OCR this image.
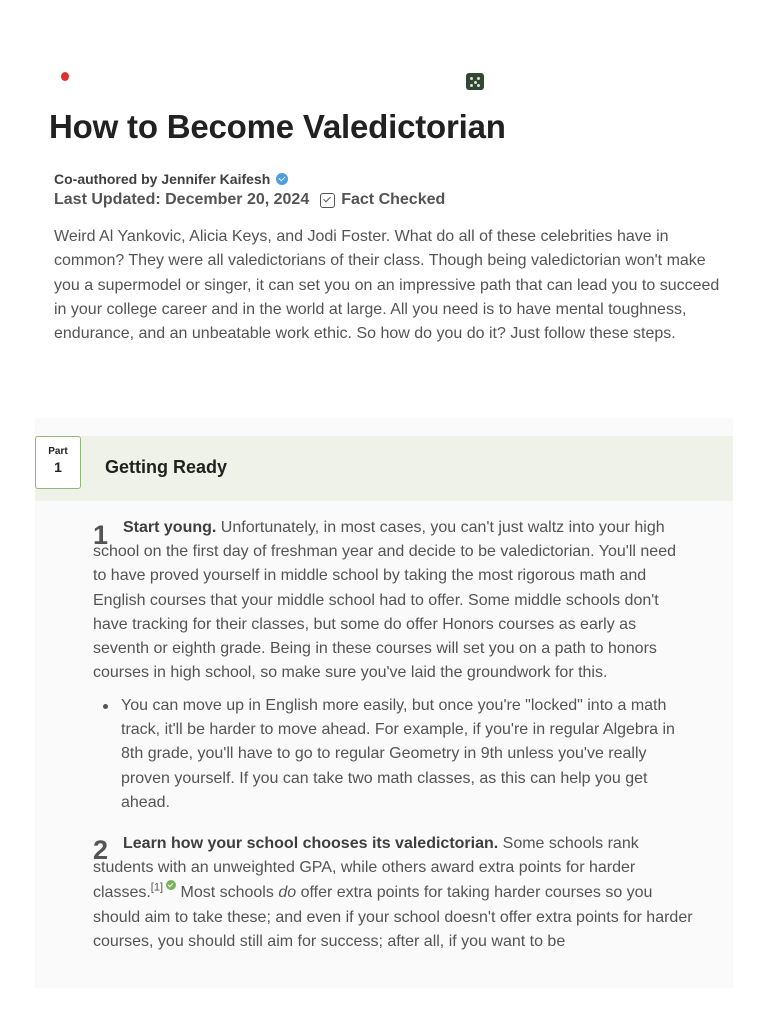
How to Become Valedictorian
Co-authored by Jennifer Kaifesh
Last Updated: December 20, 2024 Fact Checked

Weird Al Yankovic, Alicia Keys, and Jodi Foster. What do all of these celebrities have in common? They were all valedictorians of their class. Though being valedictorian won't make you a supermodel or singer, it can set you on an impressive path that can lead you to succeed in your college career and in the world at large. All you need is to have mental toughness, endurance, and an unbeatable work ethic. So how do you do it? Just follow these steps.

Part
1	Getting Ready
1 Start young. Unfortunately, in most cases, you can't just waltz into your high school on the first day of freshman year and decide to be valedictorian. You'll need to have proved yourself in middle school by taking the most rigorous math and English courses that your middle school had to offer. Some middle schools don't have tracking for their classes, but some do offer Honors courses as early as seventh or eighth grade. Being in these courses will set you on a path to honors courses in high school, so make sure you've laid the groundwork for this.

You can move up in English more easily, but once you're "locked" into a math track, it'll be harder to move ahead. For example, if you're in regular Algebra in 8th grade, you'll have to go to regular Geometry in 9th unless you've really proven yourself. If you can take two math classes, as this can help you get ahead.
2 Learn how your school chooses its valedictorian. Some schools rank students with an unweighted GPA, while others award extra points for harder classes.[1] Most schools do offer extra points for taking harder courses so you should aim to take these; and even if your school doesn't offer extra points for harder courses, you should still aim for success; after all, if you want to be
